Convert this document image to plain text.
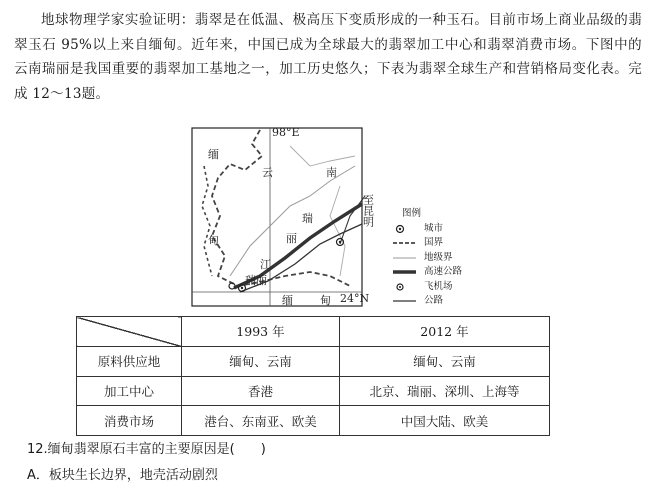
地球物理学家实验证明：翡翠是在低温、极高压下变质形成的一种玉石。目前市场上商业品级的翡翠玉石 95%以上来自缅甸。近年来，中国已成为全球最大的翡翠加工中心和翡翠消费市场。下图中的云南瑞丽是我国重要的翡翠加工基地之一，加工历史悠久；下表为翡翠全球生产和营销格局变化表。完成 12～13题。

98°E
24°N
缅
甸
云	南
瑞
丽
江
瑞丽
缅 甸
至昆明	图例
城市
国界
地级界
高速公路
飞机场
公路
	1993 年	2012 年
原料供应地	缅甸、云南	缅甸、云南
加工中心	香港	北京、瑞丽、深圳、上海等
消费市场	港台、东南亚、欧美	中国大陆、欧美
12.缅甸翡翠原石丰富的主要原因是(　　)
A．板块生长边界，地壳活动剧烈
